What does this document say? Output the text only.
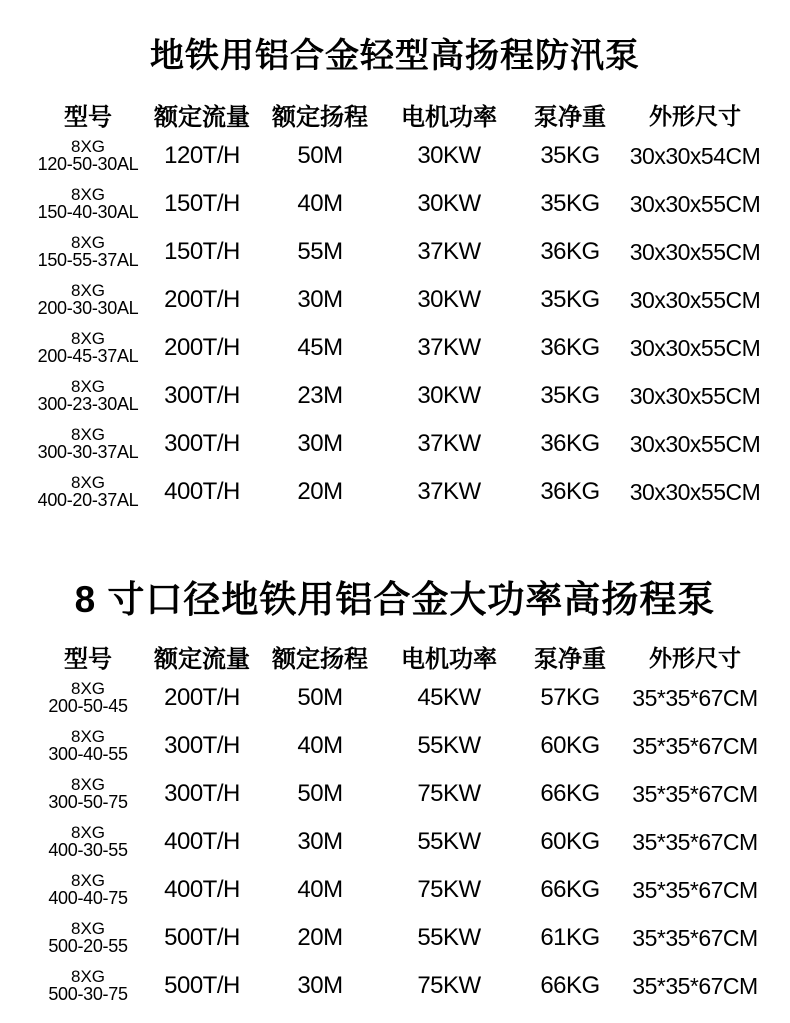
地铁用铝合金轻型高扬程防汛泵
型号	额定流量 额定扬程	电机功率	泵净重	外形尺寸
8XG
120-50-30AL	120T/H	50M	30KW	35KG	30x30x54CM
8XG
150-40-30AL	150T/H	40M	30KW	35KG	30x30x55CM
8XG
150-55-37AL	150T/H	55M	37KW	36KG	30x30x55CM
8XG
200-30-30AL	200T/H	30M	30KW	35KG	30x30x55CM
8XG
200-45-37AL	200T/H	45M	37KW	36KG	30x30x55CM
8XG
300-23-30AL	300T/H	23M	30KW	35KG	30x30x55CM
8XG
300-30-37AL	300T/H	30M	37KW	36KG	30x30x55CM
8XG
400-20-37AL	400T/H	20M	37KW	36KG	30x30x55CM
8 寸口径地铁用铝合金大功率高扬程泵
型号	额定流量 额定扬程	电机功率	泵净重	外形尺寸
8XG
200-50-45	200T/H	50M	45KW	57KG	35*35*67CM
8XG
300-40-55	300T/H	40M	55KW	60KG	35*35*67CM
8XG
300-50-75	300T/H	50M	75KW	66KG	35*35*67CM
8XG
400-30-55	400T/H	30M	55KW	60KG	35*35*67CM
8XG
400-40-75	400T/H	40M	75KW	66KG	35*35*67CM
8XG
500-20-55	500T/H	20M	55KW	61KG	35*35*67CM
8XG
500-30-75	500T/H	30M	75KW	66KG	35*35*67CM
